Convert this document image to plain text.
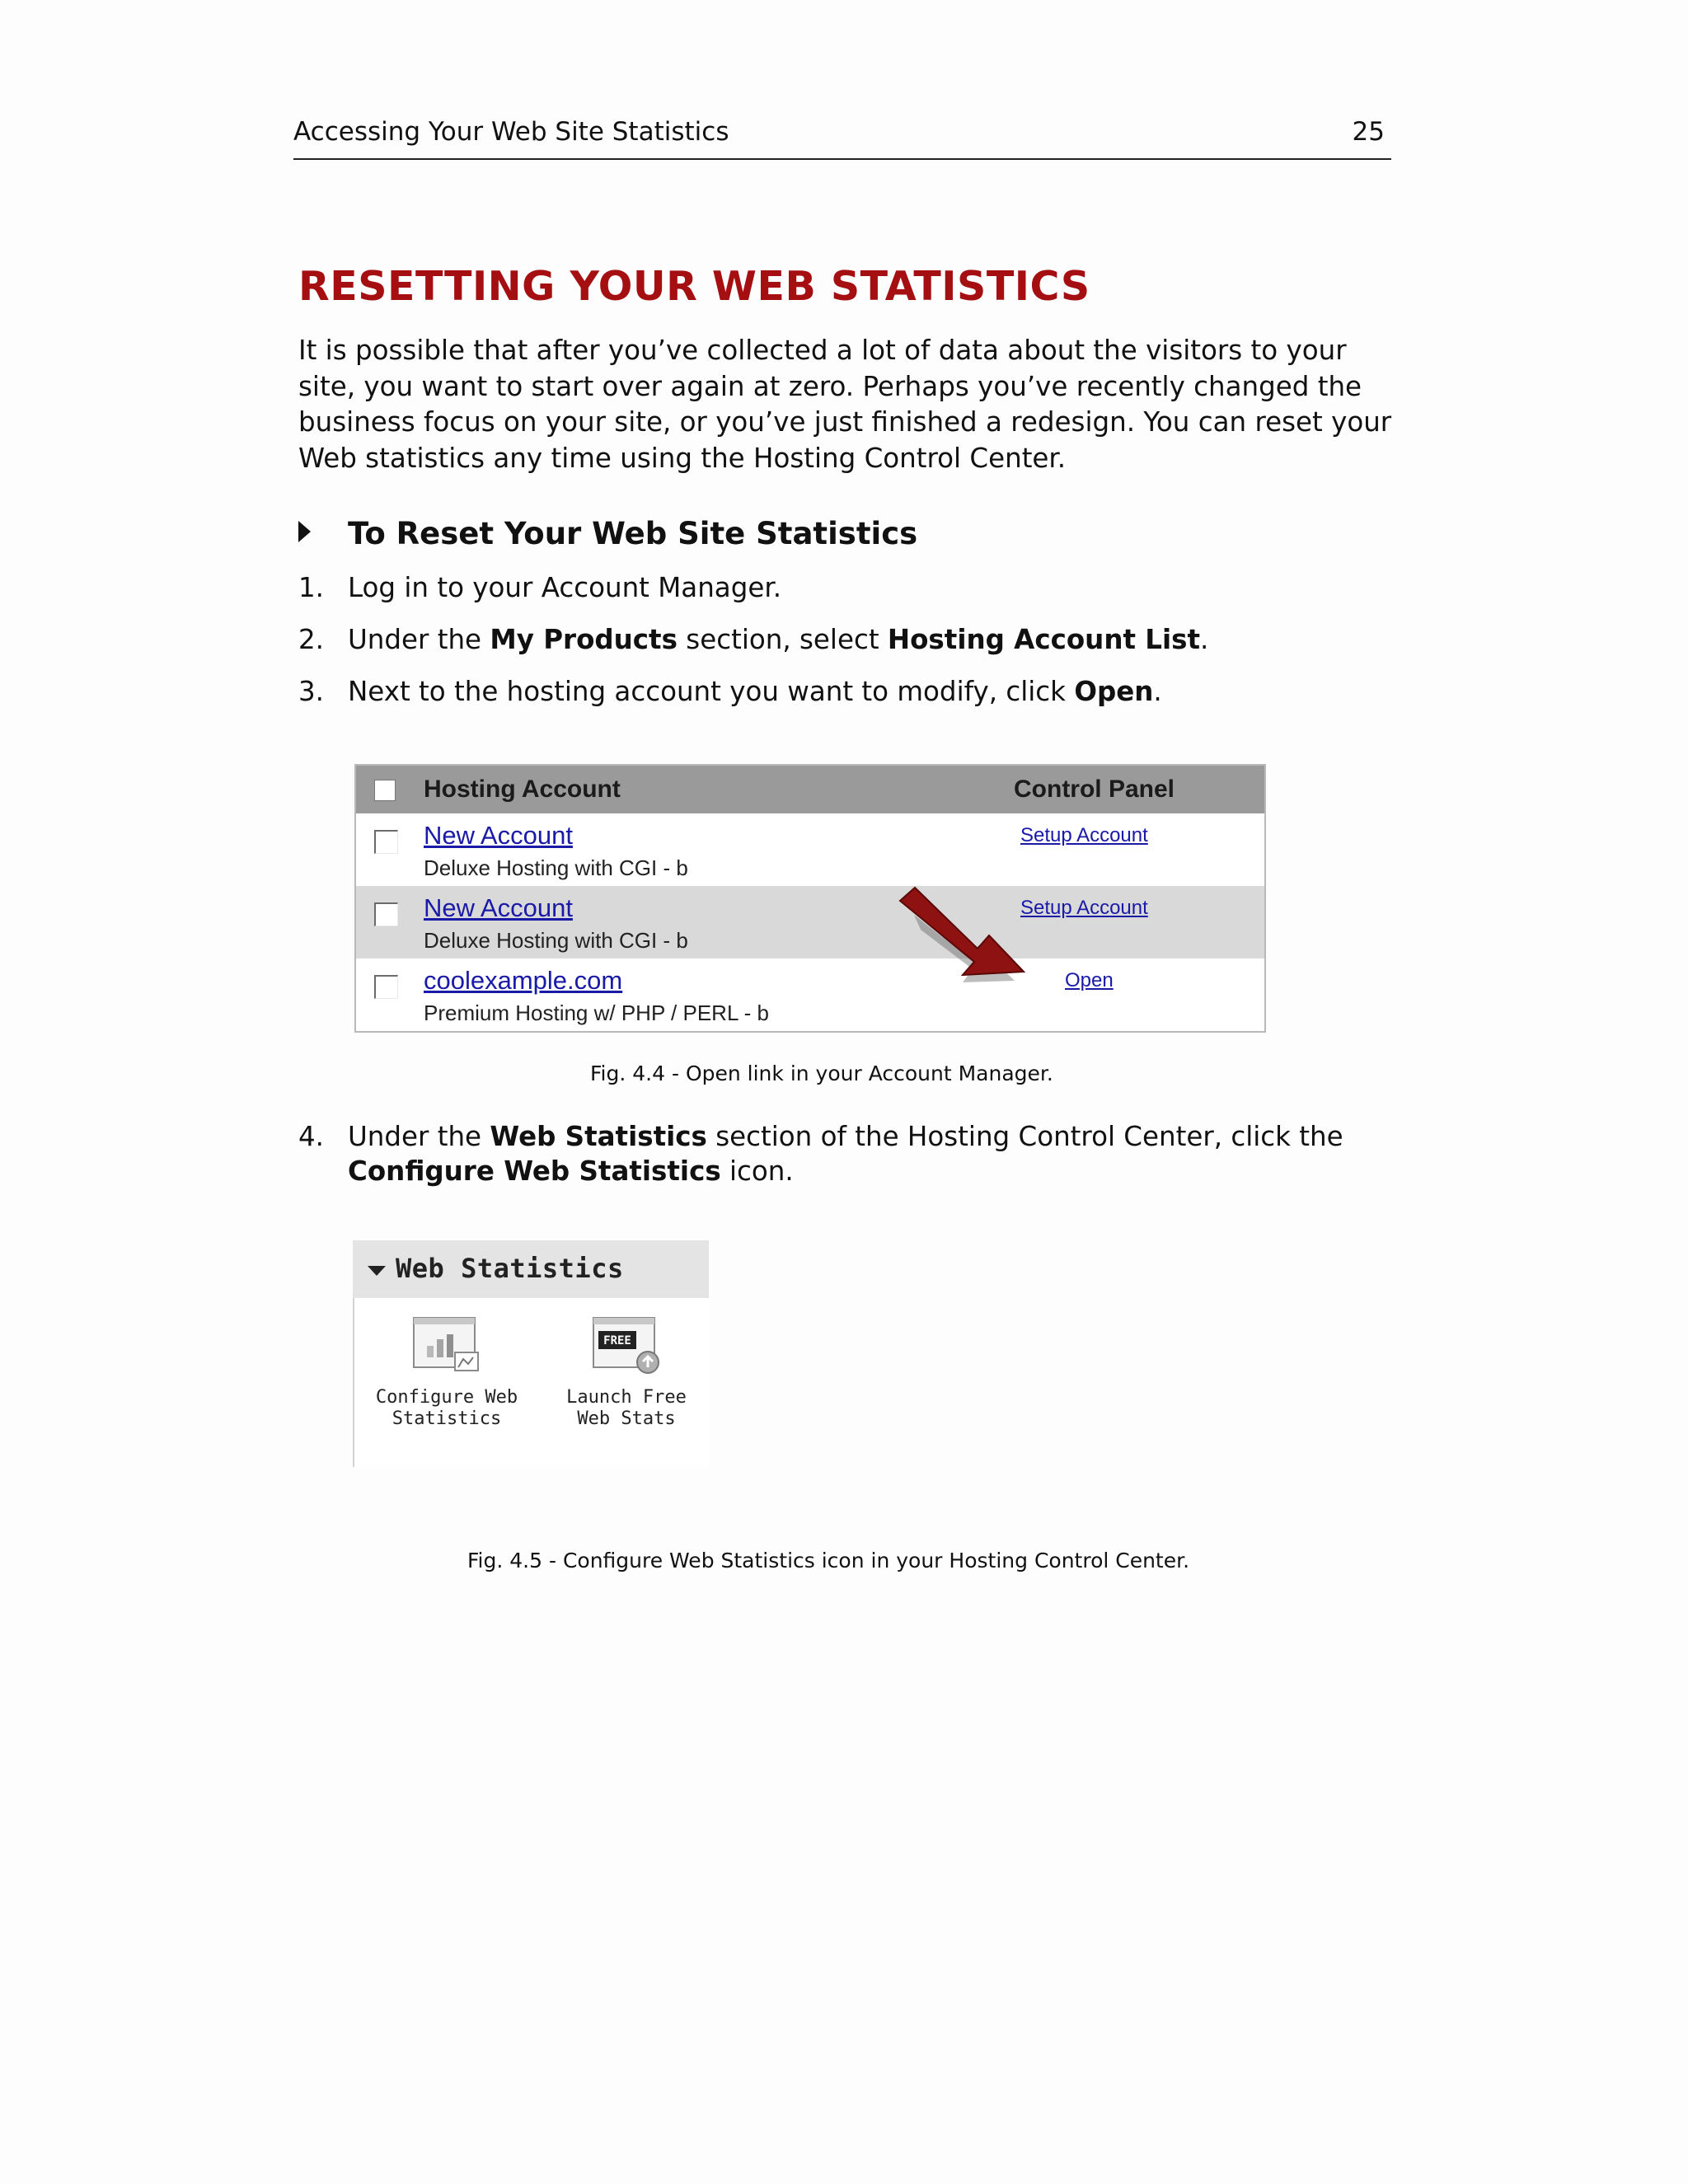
Accessing Your Web Site Statistics	25
RESETTING YOUR WEB STATISTICS

It is possible that after you’ve collected a lot of data about the visitors to your site, you want to start over again at zero. Perhaps you’ve recently changed the business focus on your site, or you’ve just finished a redesign. You can reset your Web statistics any time using the Hosting Control Center.

To Reset Your Web Site Statistics
1. Log in to your Account Manager.
2. Under the My Products section, select Hosting Account List.
3. Next to the hosting account you want to modify, click Open.
Hosting Account	Control Panel
New Account
Deluxe Hosting with CGI - b
Setup Account
New Account
Deluxe Hosting with CGI - b
Setup Account
coolexample.com
Premium Hosting w/ PHP / PERL - b
Open
Fig. 4.4 - Open link in your Account Manager.
4. Under the Web Statistics section of the Hosting Control Center, click the Configure Web Statistics icon.
Web Statistics
Configure Web
Statistics
FREE
Launch Free
Web Stats
Fig. 4.5 - Configure Web Statistics icon in your Hosting Control Center.
